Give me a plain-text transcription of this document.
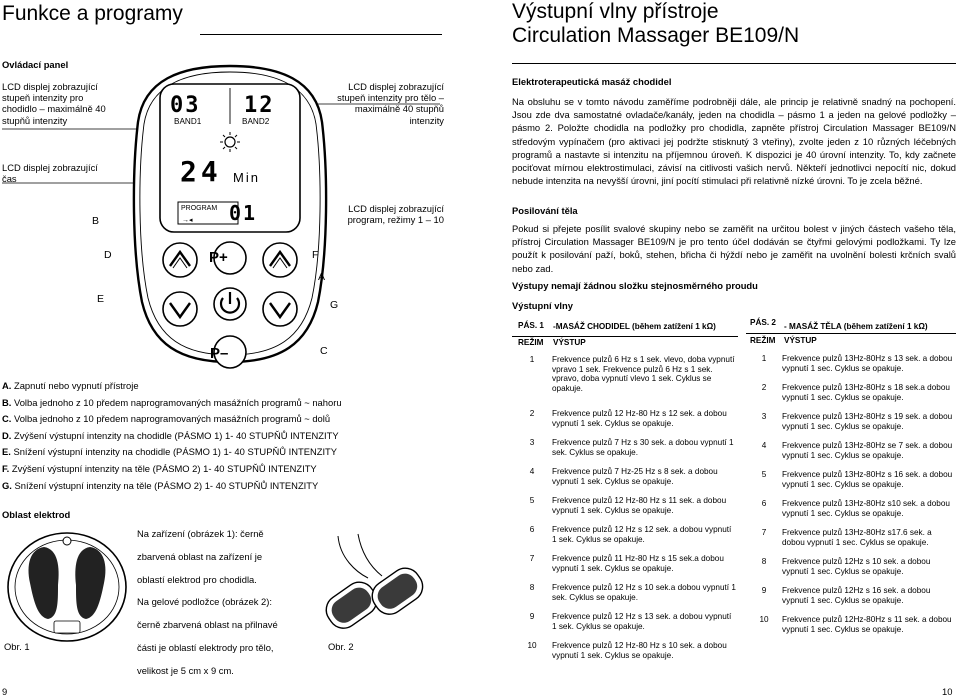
Funkce a programy
Ovládací panel
LCD displej zobrazující stupeň intenzity pro chodidlo – maximálně 40 stupňů intenzity
LCD displej zobrazující čas
LCD displej zobrazující stupeň intenzity pro tělo – maximálně 40 stupňů intenzity
LCD displej zobrazující program, režimy 1 – 10
→◂
03
BAND1
12
BAND2
24 Min
PROGRAM 01
P+
P–
B
D
E
F
A
G
C

A. Zapnutí nebo vypnutí přístroje

B. Volba jednoho z 10 předem naprogramovaných masážních programů ~ nahoru

C. Volba jednoho z 10 předem naprogramovaných masážních programů ~ dolů

D. Zvýšení výstupní intenzity na chodidle (PÁSMO 1) 1- 40 STUPŇŮ INTENZITY

E. Snížení výstupní intenzity na chodidle (PÁSMO 1) 1- 40 STUPŇŮ INTENZITY

F. Zvýšení výstupní intenzity na těle (PÁSMO 2) 1- 40 STUPŇŮ INTENZITY

G. Snížení výstupní intenzity na těle (PÁSMO 2) 1- 40 STUPŇŮ INTENZITY

Oblast elektrod
Obr. 1

Na zařízení (obrázek 1): černě

zbarvená oblast na zařízení je

oblastí elektrod pro chodidla.

Na gelové podložce (obrázek 2):

černě zbarvená oblast na přilnavé

části je oblastí elektrody pro tělo,

velikost je 5 cm x 9 cm.

Obr. 2
9
Výstupní vlny přístroje
Circulation Massager BE109/N
Elektroterapeutická masáž chodidel
Na obsluhu se v tomto návodu zaměříme podrobněji dále, ale princip je relativně snadný na pochopení. Jsou zde dva samostatné ovladače/kanály, jeden na chodidla – pásmo 1 a jeden na gelové podložky – pásmo 2. Položte chodidla na podložky pro chodidla, zapněte přístroj Circulation Massager BE109/N středovým vypínačem (pro aktivaci jej podržte stisknutý 3 vteřiny), zvolte jeden z 10 různých léčebných programů a nastavte si intenzitu na příjemnou úroveň. K dispozici je 40 úrovní intenzity. To, kdy začnete pociťovat mírnou elektrostimulaci, závisí na citlivosti vašich nervů. Někteří jednotlivci nepocítí nic, dokud nebude intenzita na nevyšší úrovni, jiní pocítí stimulaci při relativně nízké úrovni. To je zcela běžné.
Posilování těla
Pokud si přejete posílit svalové skupiny nebo se zaměřit na určitou bolest v jiných částech vašeho těla, přístroj Circulation Massager BE109/N je pro tento účel dodáván se čtyřmi gelovými podložkami. Ty lze použít k posilování paží, boků, stehen, břicha či hýždí nebo je zaměřit na uvolnění bolesti krčních svalů nebo zad.
Výstupy nemají žádnou složku stejnosměrného proudu
Výstupní vlny
PÁS. 1 -MASÁŽ CHODIDEL (během zatížení 1 kΩ)
REŽIM VÝSTUP
1	Frekvence pulzů 6 Hz s 1 sek. vlevo, doba vypnutí vpravo 1 sek. Frekvence pulzů 6 Hz s 1 sek. vpravo, doba vypnutí vlevo 1 sek. Cyklus se opakuje.
2	Frekvence pulzů 12 Hz-80 Hz s 12 sek. a dobou vypnutí 1 sek. Cyklus se opakuje.
3	Frekvence pulzů 7 Hz s 30 sek. a dobou vypnutí 1 sek. Cyklus se opakuje.
4	Frekvence pulzů 7 Hz-25 Hz s 8 sek. a dobou vypnutí 1 sek. Cyklus se opakuje.
5	Frekvence pulzů 12 Hz-80 Hz s 11 sek. a dobou vypnutí 1 sek. Cyklus se opakuje.
6	Frekvence pulzů 12 Hz s 12 sek. a dobou vypnutí 1 sek. Cyklus se opakuje.
7	Frekvence pulzů 11 Hz-80 Hz s 15 sek.a dobou vypnutí 1 sek. Cyklus se opakuje.
8	Frekvence pulzů 12 Hz s 10 sek.a dobou vypnutí 1 sek. Cyklus se opakuje.
9	Frekvence pulzů 12 Hz s 13 sek. a dobou vypnutí 1 sek. Cyklus se opakuje.
10	Frekvence pulzů 12 Hz-80 Hz s 10 sek. a dobou vypnutí 1 sek. Cyklus se opakuje.
PÁS. 2 - MASÁŽ TĚLA (během zatížení 1 kΩ)
REŽIM VÝSTUP
1	Frekvence pulzů 13Hz-80Hz s 13 sek. a dobou vypnutí 1 sec. Cyklus se opakuje.
2	Frekvence pulzů 13Hz-80Hz s 18 sek.a dobou vypnutí 1 sec. Cyklus se opakuje.
3	Frekvence pulzů 13Hz-80Hz s 19 sek. a dobou vypnutí 1 sec. Cyklus se opakuje.
4	Frekvence pulzů 13Hz-80Hz se 7 sek. a dobou vypnutí 1 sec. Cyklus se opakuje.
5	Frekvence pulzů 13Hz-80Hz s 16 sek. a dobou vypnutí 1 sec. Cyklus se opakuje.
6	Frekvence pulzů 13Hz-80Hz s10 sek. a dobou vypnutí 1 sec. Cyklus se opakuje.
7	Frekvence pulzů 13Hz-80Hz s17.6 sek. a dobou vypnutí 1 sec. Cyklus se opakuje.
8	Frekvence pulzů 12Hz s 10 sek. a dobou vypnutí 1 sec. Cyklus se opakuje.
9	Frekvence pulzů 12Hz s 16 sek. a dobou vypnutí 1 sec. Cyklus se opakuje.
10	Frekvence pulzů 12Hz-80Hz s 11 sek. a dobou vypnutí 1 sec. Cyklus se opakuje.
10
